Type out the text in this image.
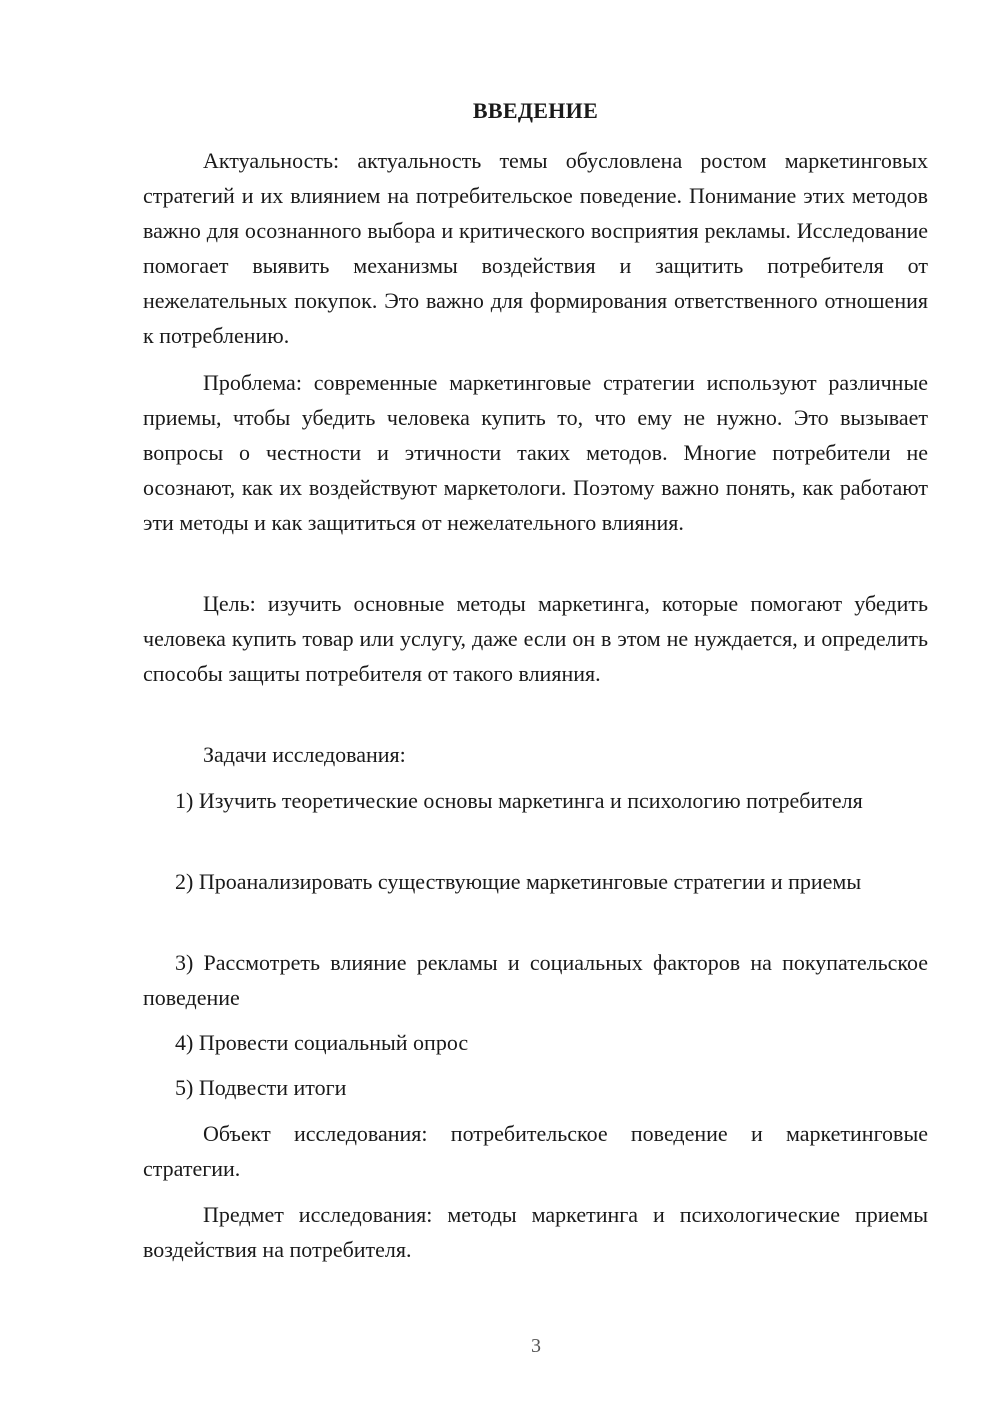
ВВЕДЕНИЕ

Актуальность: актуальность темы обусловлена ростом маркетинговых стратегий и их влиянием на потребительское поведение. Понимание этих методов важно для осознанного выбора и критического восприятия рекламы. Исследование помогает выявить механизмы воздействия и защитить потребителя от нежелательных покупок. Это важно для формирования ответственного отношения к потреблению.

Проблема: современные маркетинговые стратегии используют различные приемы, чтобы убедить человека купить то, что ему не нужно. Это вызывает вопросы о честности и этичности таких методов. Многие потребители не осознают, как их воздействуют маркетологи. Поэтому важно понять, как работают эти методы и как защититься от нежелательного влияния.

Цель: изучить основные методы маркетинга, которые помогают убедить человека купить товар или услугу, даже если он в этом не нуждается, и определить способы защиты потребителя от такого влияния.

Задачи исследования:

1) Изучить теоретические основы маркетинга и психологию потребителя

2) Проанализировать существующие маркетинговые стратегии и приемы

3) Рассмотреть влияние рекламы и социальных факторов на покупательское поведение

4) Провести социальный опрос

5) Подвести итоги

Объект исследования: потребительское поведение и маркетинговые стратегии.

Предмет исследования: методы маркетинга и психологические приемы воздействия на потребителя.

3
